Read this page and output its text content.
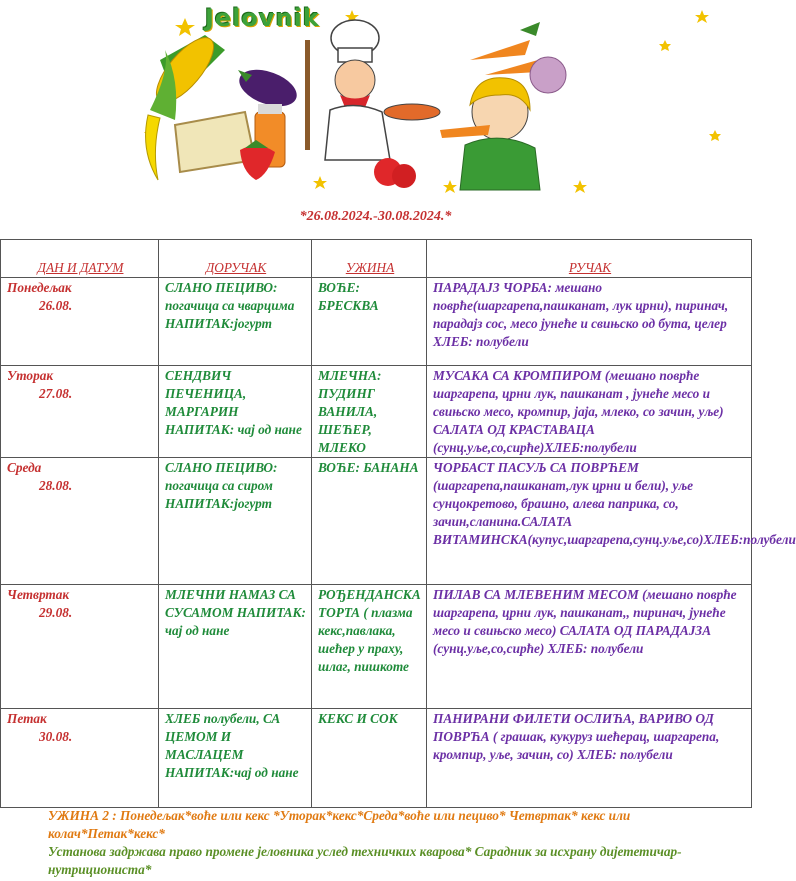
Jelovnik
*26.08.2024.-30.08.2024.*
ДАН И ДАТУМ	ДОРУЧАК	УЖИНА	РУЧАК
Понедељак
26.08.	СЛАНО ПЕЦИВО: погачица са чварцима НАПИТАК:јогурт	ВОЋЕ: БРЕСКВА	ПАРАДАЈЗ ЧОРБА: мешано поврће(шаргарепа,пашканат, лук црни), пиринач, парадајз сос, месо јунеће и свињско од бута, целер ХЛЕБ: полубели
Уторак
27.08.	СЕНДВИЧ ПЕЧЕНИЦА, МАРГАРИН НАПИТАК: чај од нане	МЛЕЧНА: ПУДИНГ ВАНИЛА, ШЕЋЕР, МЛЕКО	МУСАКА СА КРОМПИРОМ (мешано поврће шаргарепа, црни лук, пашканат , јунеће месо и свињско месо, кромпир, јаја, млеко, со зачин, уље) САЛАТА ОД КРАСТАВАЦА (сунц.уље,со,сирће)ХЛЕБ:полубели
Среда
28.08.	СЛАНО ПЕЦИВО: погачица са сиром НАПИТАК:јогурт	ВОЋЕ: БАНАНА	ЧОРБАСТ ПАСУЉ СА ПОВРЋЕМ (шаргарепа,пашканат,лук црни и бели), уље сунцокретово, брашно, алева паприка, со, зачин,сланина.САЛАТА ВИТАМИНСКА(купус,шаргарепа,сунц.уље,со)ХЛЕБ:полубели
Четвртак
29.08.	МЛЕЧНИ НАМАЗ СА СУСАМОМ НАПИТАК: чај од нане	РОЂЕНДАНСКА ТОРТА ( плазма кекс,павлака, шећер у праху, шлаг, пишкоте	ПИЛАВ СА МЛЕВЕНИМ МЕСОМ (мешано поврће шаргарепа, црни лук, пашканат,, пиринач, јунеће месо и свињско месо) САЛАТА ОД ПАРАДАЈЗА (сунц.уље,со,сирће) ХЛЕБ: полубели
Петак
30.08.	ХЛЕБ полубели, СА ЦЕМОМ И МАСЛАЦЕМ НАПИТАК:чај од нане	КЕКС И СОК	ПАНИРАНИ ФИЛЕТИ ОСЛИЋА, ВАРИВО ОД ПОВРЋА ( грашак, кукуруз шећерац, шаргарепа, кромпир, уље, зачин, со) ХЛЕБ: полубели
УЖИНА 2 : Понедељак*воће или кекс *Уторак*кекс*Среда*воће или пециво* Четвртак* кекс или колач*Петак*кекс*
Установа задржава право промене јеловника услед техничких кварова* Сарадник за исхрану дијететичар-нутрициониста*
